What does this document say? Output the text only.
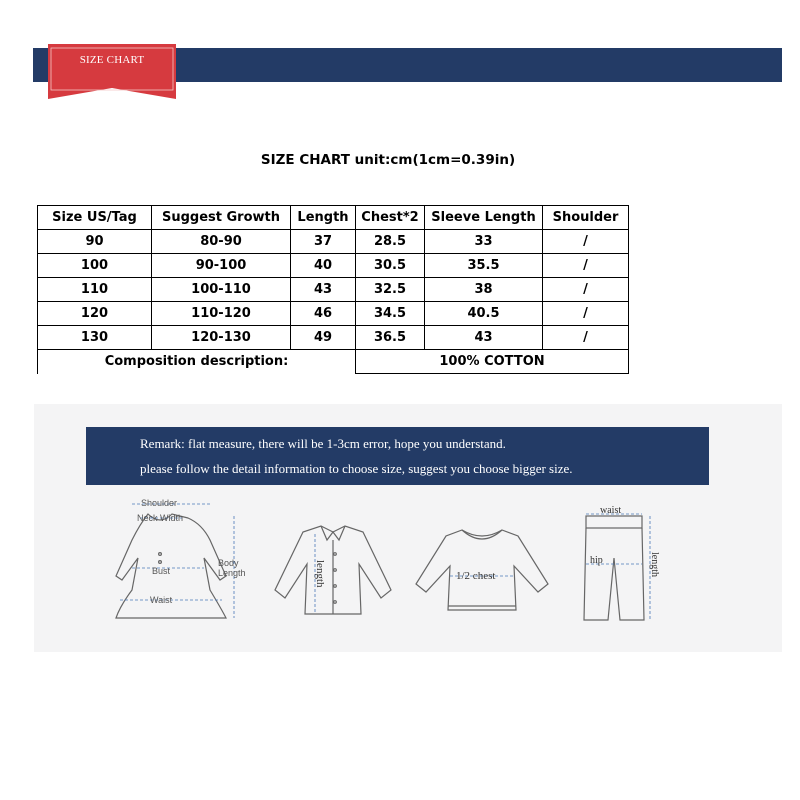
SIZE CHART
SIZE CHART unit:cm(1cm=0.39in)
Size US/Tag	Suggest Growth	Length	Chest*2	Sleeve Length	Shoulder
90	80-90	37	28.5	33	/
100	90-100	40	30.5	35.5	/
110	100-110	43	32.5	38	/
120	110-120	46	34.5	40.5	/
130	120-130	49	36.5	43	/
Composition description:			100% COTTON		
Remark: flat measure, there will be 1-3cm error, hope you understand.
please follow the detail information to choose size, suggest you choose bigger size.
Shoulder
Neck Width
Bust
Waist
Body
Length	length	1/2 chest
waist
hip	length
